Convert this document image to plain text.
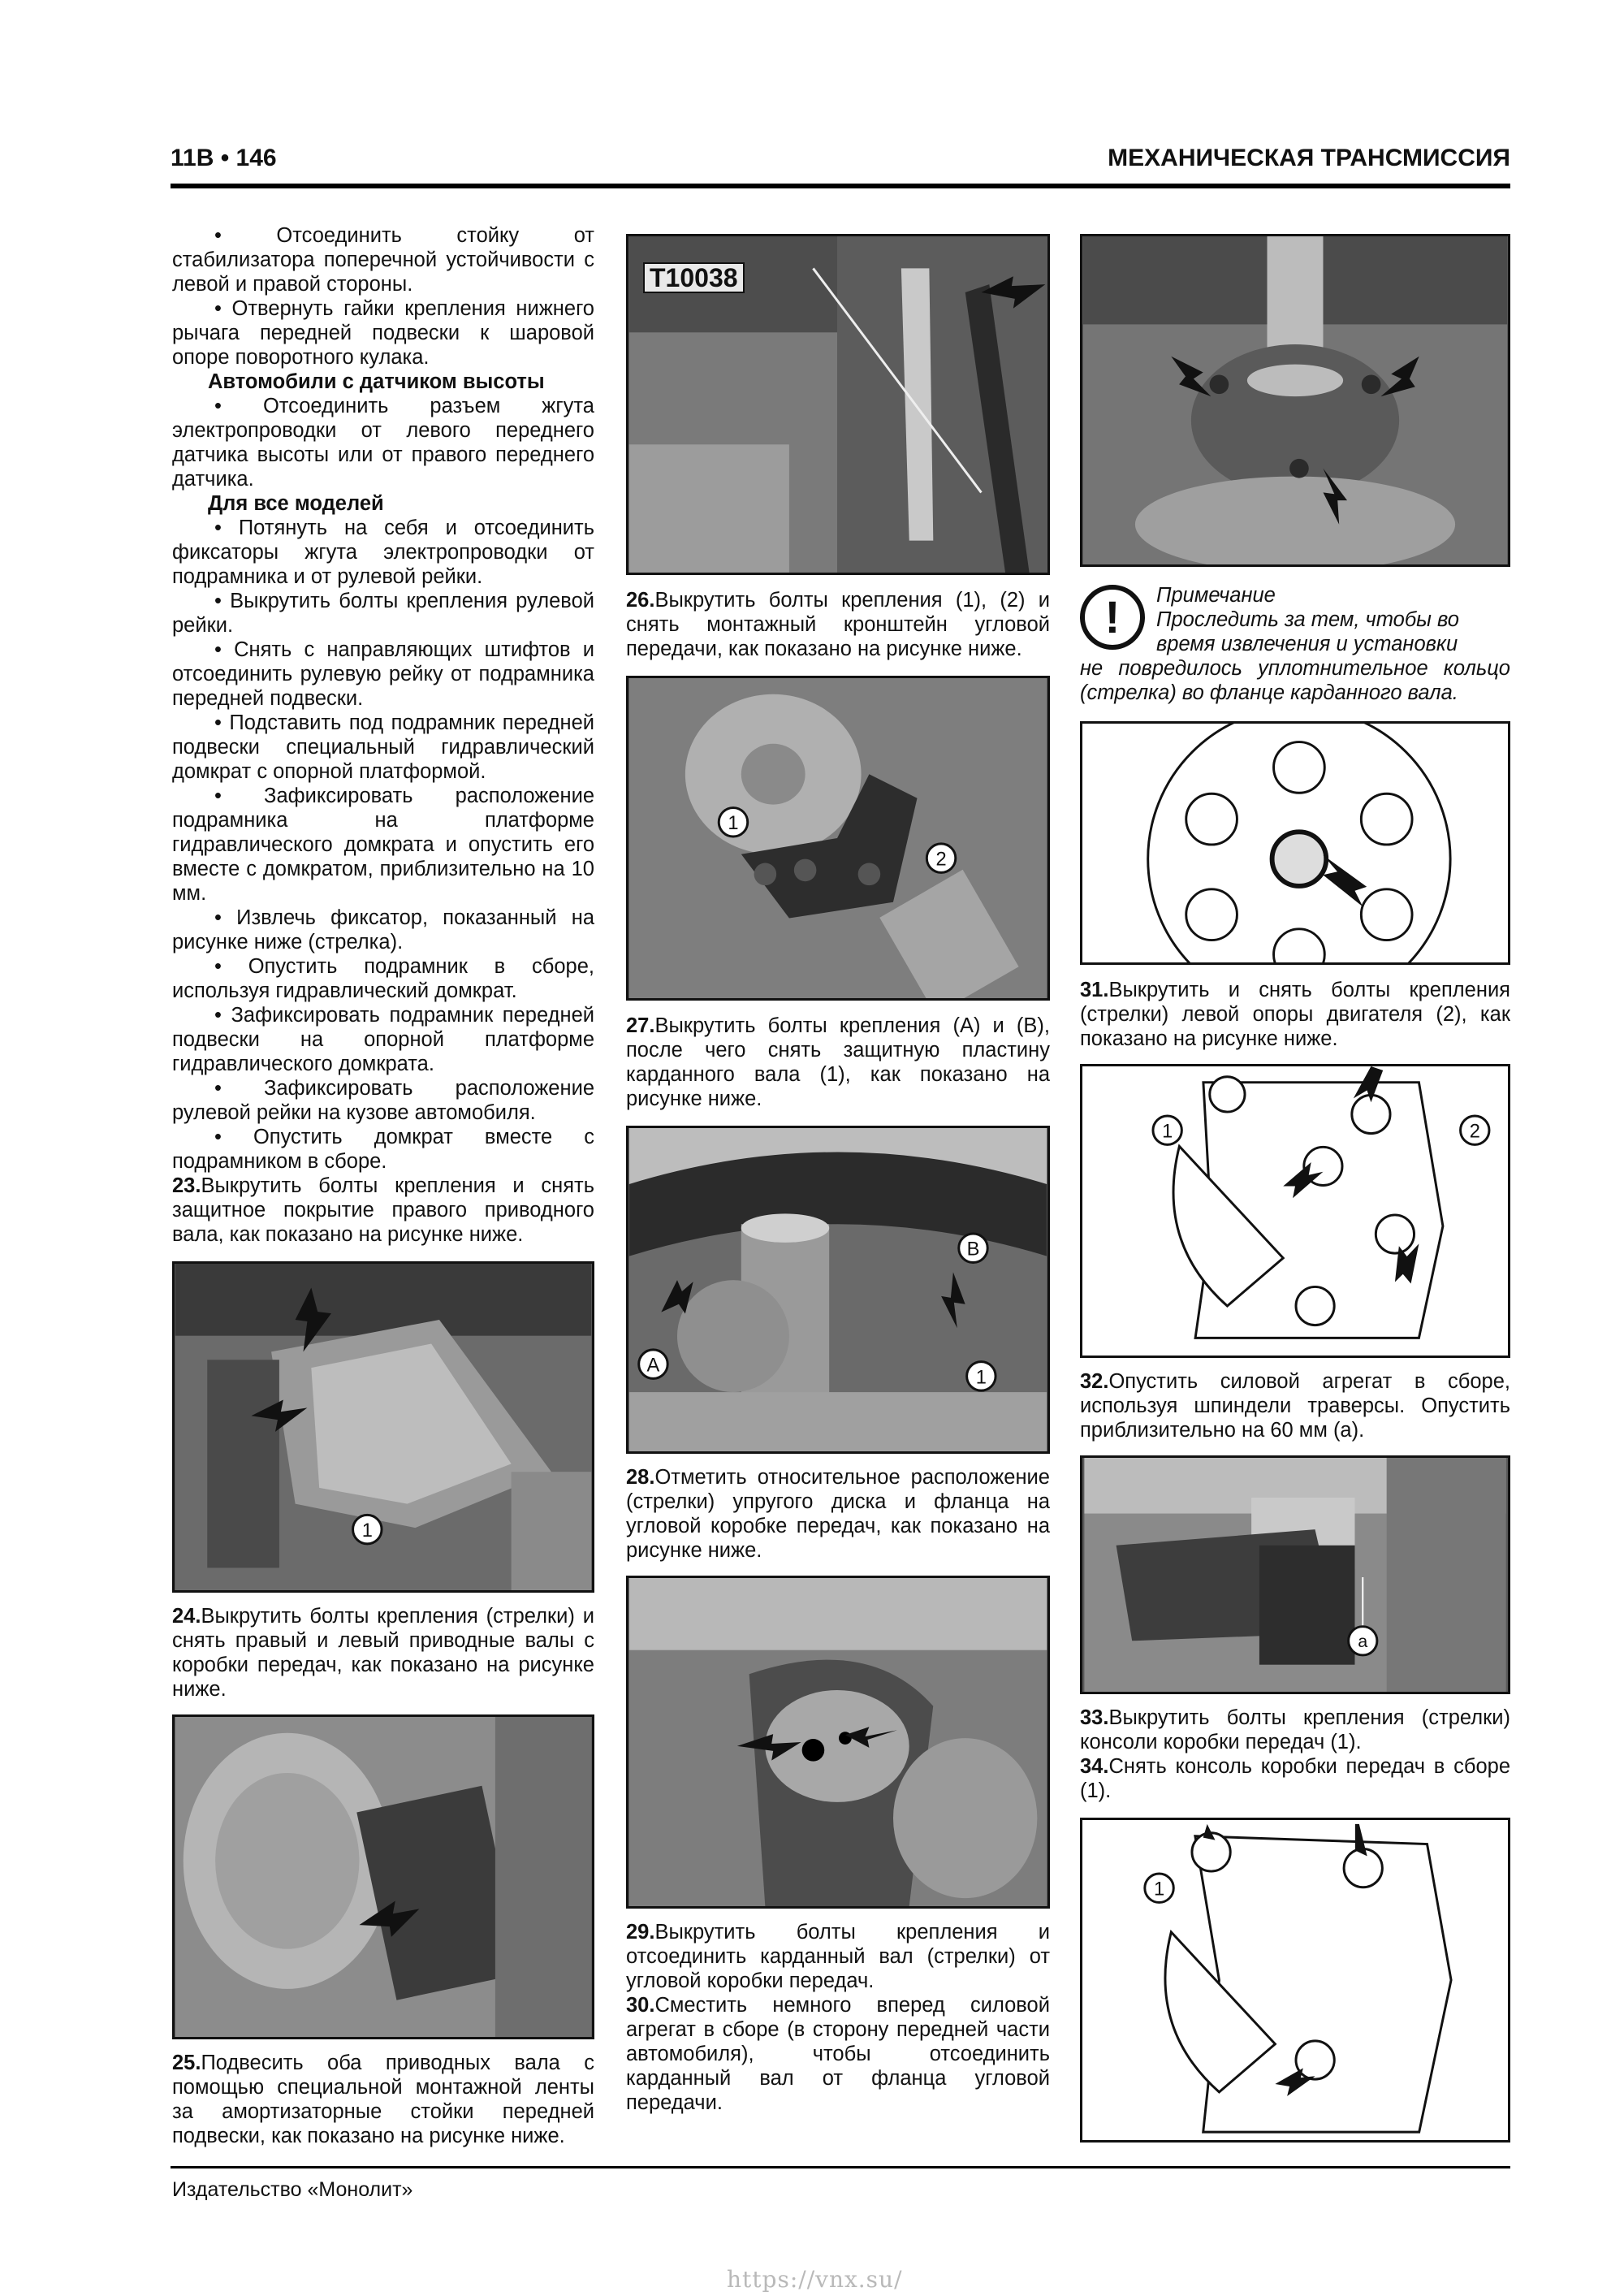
11В • 146	МЕХАНИЧЕСКАЯ ТРАНСМИССИЯ

• Отсоединить стойку от стабилизатора поперечной устойчивости с левой и правой стороны.

• Отвернуть гайки крепления нижнего рычага передней подвески к шаровой опоре поворотного кулака.

Автомобили с датчиком высоты

• Отсоединить разъем жгута электропроводки от левого переднего датчика высоты или от правого переднего датчика.

Для все моделей

• Потянуть на себя и отсоединить фиксаторы жгута электропроводки от подрамника и от рулевой рейки.

• Выкрутить болты крепления рулевой рейки.

• Снять с направляющих штифтов и отсоединить рулевую рейку от подрамника передней подвески.

• Подставить под подрамник передней подвески специальный гидравлический домкрат с опорной платформой.

• Зафиксировать расположение подрамника на платформе гидравлического домкрата и опустить его вместе с домкратом, приблизительно на 10 мм.

• Извлечь фиксатор, показанный на рисунке ниже (стрелка).

• Опустить подрамник в сборе, используя гидравлический домкрат.

• Зафиксировать подрамник передней подвески на опорной платформе гидравлического домкрата.

• Зафиксировать расположение рулевой рейки на кузове автомобиля.

• Опустить домкрат вместе с подрамником в сборе.

23.Выкрутить болты крепления и снять защитное покрытие правого приводного вала, как показано на рисунке ниже.

1

24.Выкрутить болты крепления (стрелки) и снять правый и левый приводные валы с коробки передач, как показано на рисунке ниже.

25.Подвесить оба приводных вала с помощью специальной монтажной ленты за амортизаторные стойки передней подвески, как показано на рисунке ниже.

T10038

26.Выкрутить болты крепления (1), (2) и снять монтажный кронштейн угловой передачи, как показано на рисунке ниже.

1
2

27.Выкрутить болты крепления (A) и (B), после чего снять защитную пластину карданного вала (1), как показано на рисунке ниже.

A
B
1

28.Отметить относительное расположение (стрелки) упругого диска и фланца на угловой коробке передач, как показано на рисунке ниже.

29.Выкрутить болты крепления и отсоединить карданный вал (стрелки) от угловой коробки передач.

30.Сместить немного вперед силовой агрегат в сборе (в сторону передней части автомобиля), чтобы отсоединить карданный вал от фланца угловой передачи.

!	Примечание

Проследить за тем, чтобы во

время извлечения и установки

не повредилось уплотнительное кольцо (стрелка) во фланце карданного вала.

31.Выкрутить и снять болты крепления (стрелки) левой опоры двигателя (2), как показано на рисунке ниже.

1	2

32.Опустить силовой агрегат в сборе, используя шпиндели траверсы. Опустить приблизительно на 60 мм (а).

a

33.Выкрутить болты крепления (стрелки) консоли коробки передач (1).

34.Снять консоль коробки передач в сборе (1).

1
Издательство «Монолит»
https://vnx.su/
